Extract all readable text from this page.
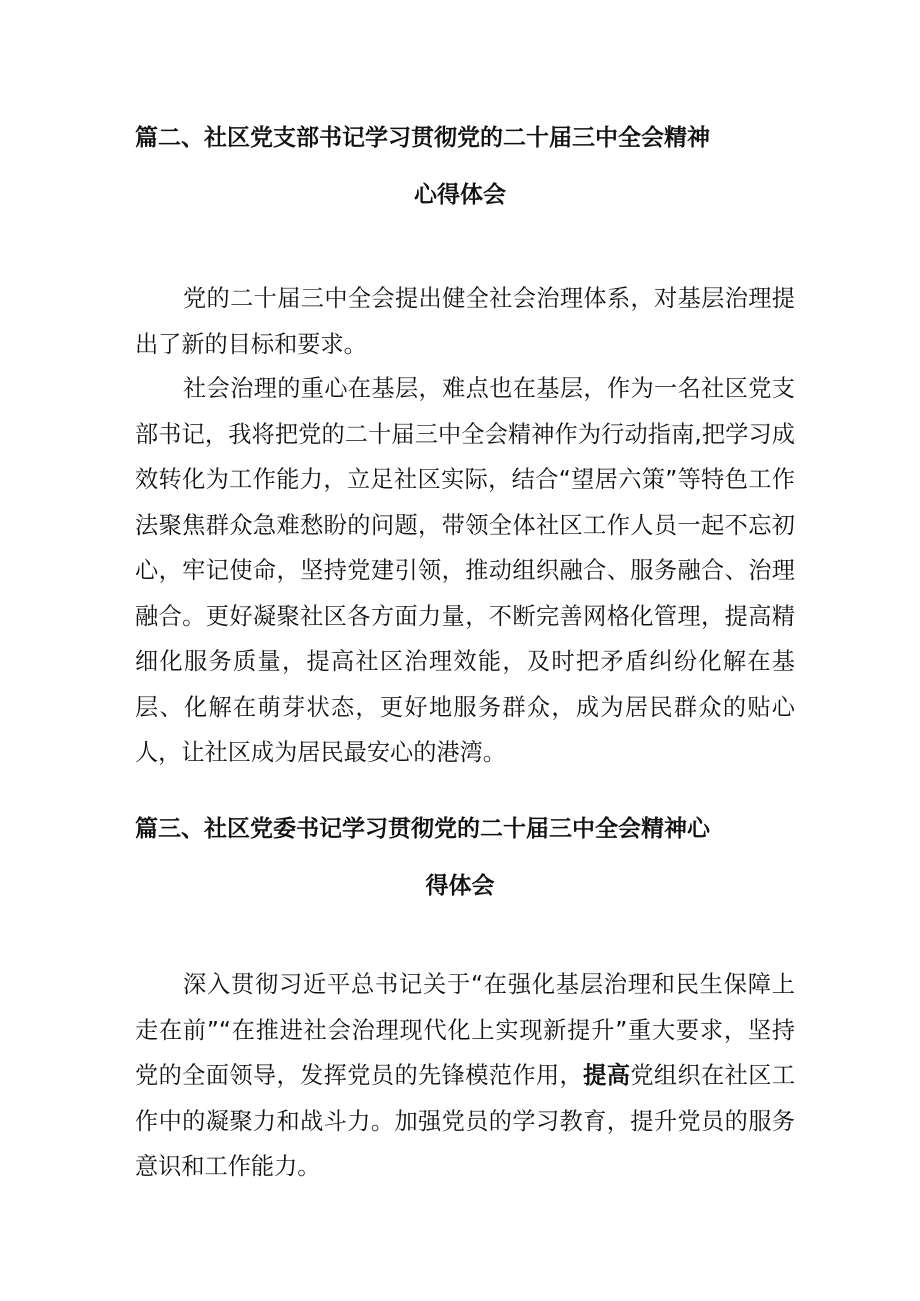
篇二、社区党支部书记学习贯彻党的二十届三中全会精神
心得体会

党的二十届三中全会提出健全社会治理体系，对基层治理提出了新的目标和要求。

社会治理的重心在基层，难点也在基层，作为一名社区党支部书记，我将把党的二十届三中全会精神作为行动指南,把学习成效转化为工作能力，立足社区实际，结合“望居六策”等特色工作法聚焦群众急难愁盼的问题，带领全体社区工作人员一起不忘初心，牢记使命，坚持党建引领，推动组织融合、服务融合、治理融合。更好凝聚社区各方面力量，不断完善网格化管理，提高精细化服务质量，提高社区治理效能，及时把矛盾纠纷化解在基层、化解在萌芽状态，更好地服务群众，成为居民群众的贴心人，让社区成为居民最安心的港湾。

篇三、社区党委书记学习贯彻党的二十届三中全会精神心
得体会

深入贯彻习近平总书记关于“在强化基层治理和民生保障上走在前”“在推进社会治理现代化上实现新提升”重大要求，坚持党的全面领导，发挥党员的先锋模范作用，提高党组织在社区工作中的凝聚力和战斗力。加强党员的学习教育，提升党员的服务意识和工作能力。
